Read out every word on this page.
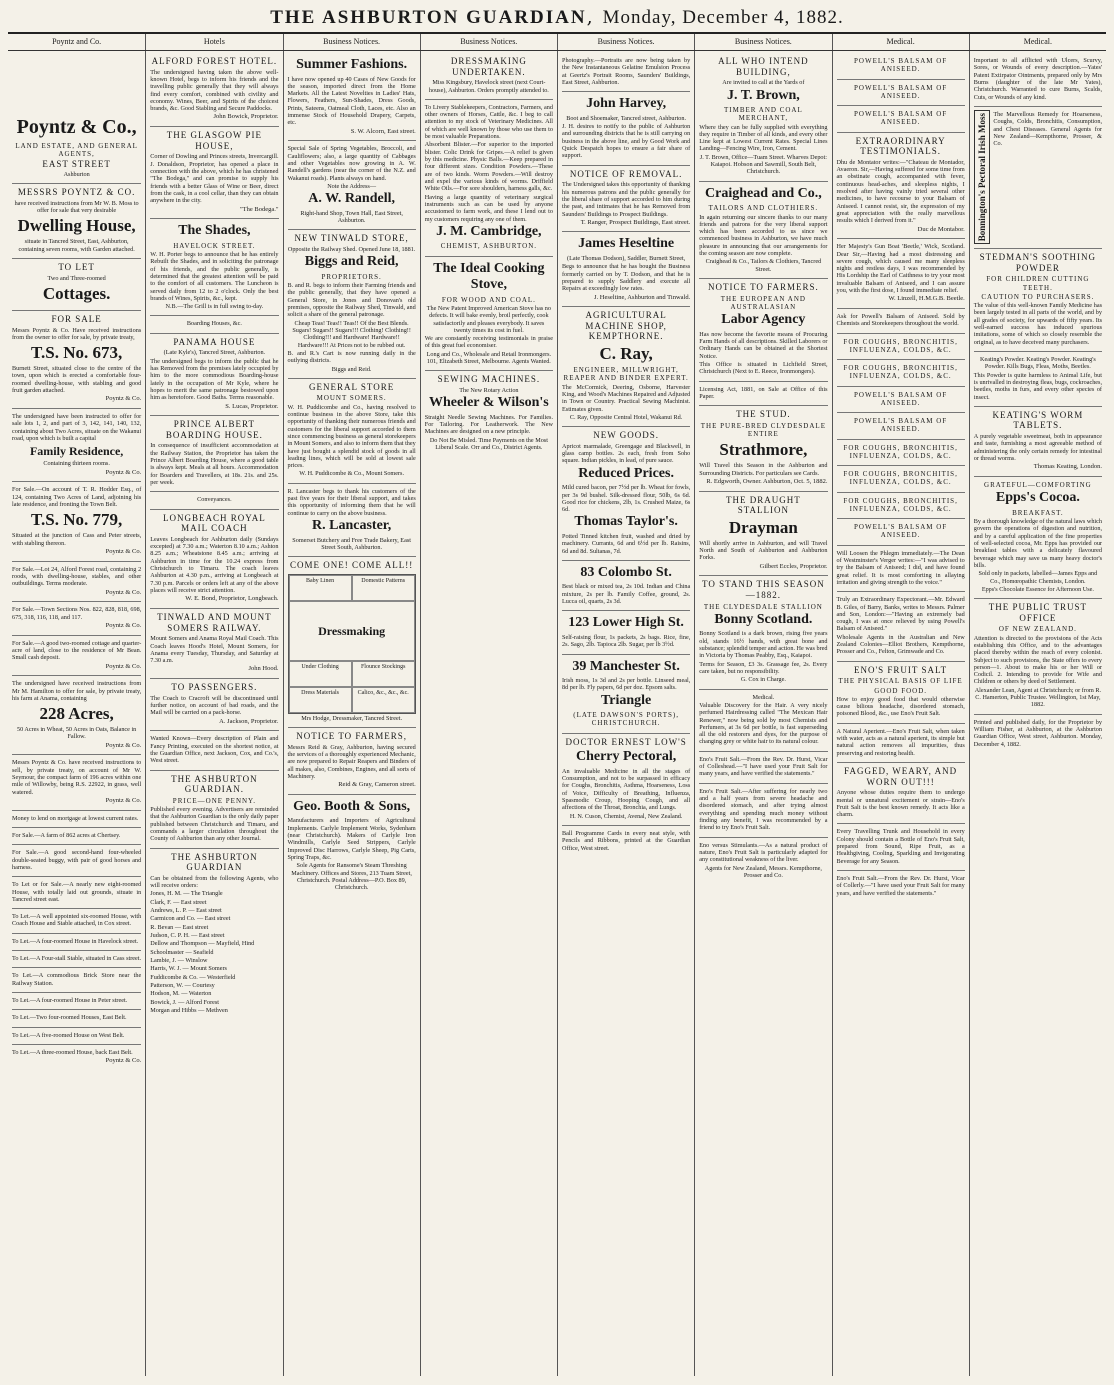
THE ASHBURTON GUARDIAN , Monday, December 4, 1882.
Poyntz and Co.	Hotels	Business Notices.	Business Notices.	Business Notices.	Business Notices.	Medical.	Medical.
Poyntz & Co.,

LAND ESTATE, AND GENERAL AGENTS,

EAST STREET

Ashburton

MESSRS POYNTZ & CO.

have received instructions from Mr W. B. Moss to offer for sale that very desirable

Dwelling House,

situate in Tancred Street, East, Ashburton, containing seven rooms, with Garden attached.

TO LET

Two and Three-roomed

Cottages.
FOR SALE

Messrs Poyntz & Co. Have received instructions from the owner to offer for sale, by private treaty,

T.S. No. 673,

Burnett Street, situated close to the centre of the town, upon which is erected a comfortable four-roomed dwelling-house, with stabling and good fruit garden attached.

Poyntz & Co.

The undersigned have been instructed to offer for sale lots 1, 2, and part of 3, 142, 141, 140, 132, containing about Two Acres, situate on the Wakanui road, upon which is built a capital

Family Residence,

Containing thirteen rooms.

Poyntz & Co.

For Sale.—On account of T. R. Hodder Esq., of 124, containing Two Acres of Land, adjoining his late residence, and fronting the Town Belt.

T.S. No. 779,

Situated at the junction of Cass and Peter streets, with stabling thereon.

Poyntz & Co.

For Sale.—Lot 24, Alford Forest road, containing 2 roods, with dwelling-house, stables, and other outbuildings. Terms moderate.

Poyntz & Co.

For Sale.—Town Sections Nos. 822, 828, 818, 698, 675, 318, 116, 118, and 117.

Poyntz & Co.

For Sale.—A good two-roomed cottage and quarter-acre of land, close to the residence of Mr Bean. Small cash deposit.

Poyntz & Co.

The undersigned have received instructions from Mr M. Hamilton to offer for sale, by private treaty, his farm at Anama, containing

228 Acres,

50 Acres in Wheat, 50 Acres in Oats, Balance in Fallow.

Poyntz & Co.

Messrs Poyntz & Co. have received instructions to sell, by private treaty, on account of Mr W. Seymour, the compact farm of 196 acres within one mile of Willowby, being R.S. 22922, in grass, well watered.

Poyntz & Co.

Money to lend on mortgage at lowest current rates.

For Sale.—A farm of 862 acres at Chertsey.

For Sale.—A good second-hand four-wheeled double-seated buggy, with pair of good horses and harness.

To Let or for Sale.—A nearly new eight-roomed House, with totally laid out grounds, situate in Tancred street east.

To Let.—A well appointed six-roomed House, with Coach House and Stable attached, in Cox street.

To Let.—A four-roomed House in Havelock street.

To Let.—A Four-stall Stable, situated in Cass street.

To Let.—A commodious Brick Store near the Railway Station.

To Let.—A four-roomed House in Peter street.

To Let.—Two four-roomed Houses, East Belt.

To Let.—A five-roomed House on West Belt.

To Let.—A three-roomed House, back East Belt.

Poyntz & Co.

ALFORD FOREST HOTEL.

The undersigned having taken the above well-known Hotel, begs to inform his friends and the travelling public generally that they will always find every comfort, combined with civility and economy. Wines, Beer, and Spirits of the choicest brands, &c. Good Stabling and Secure Paddocks.

John Bowick, Proprietor.

THE GLASGOW PIE HOUSE,

Corner of Dowling and Princes streets, Invercargill. J. Donaldson, Proprietor, has opened a place in connection with the above, which he has christened "The Bodega," and can promise to supply his friends with a better Glass of Wine or Beer, direct from the cask, in a cool cellar, than they can obtain anywhere in the city.

"The Bodega."

The Shades,

HAVELOCK STREET.

W. H. Porter begs to announce that he has entirely Rebuilt the Shades, and in soliciting the patronage of his friends, and the public generally, is determined that the greatest attention will be paid to the comfort of all customers. The Luncheon is served daily from 12 to 2 o'clock. Only the best brands of Wines, Spirits, &c., kept.

N.B.—The Grill is in full swing to-day.

Boarding Houses, &c.

PANAMA HOUSE

(Late Kyle's), Tancred Street, Ashburton.

The undersigned begs to inform the public that he has Removed from the premises lately occupied by him to the more commodious Boarding-house lately in the occupation of Mr Kyle, where he hopes to merit the same patronage bestowed upon him as heretofore. Good Baths. Terms reasonable.

S. Lucas, Proprietor.

PRINCE ALBERT BOARDING HOUSE.

In consequence of insufficient accommodation at the Railway Station, the Proprietor has taken the Prince Albert Boarding House, where a good table is always kept. Meals at all hours. Accommodation for Boarders and Travellers, at 18s. 21s. and 25s. per week.

Conveyances.

LONGBEACH ROYAL MAIL COACH

Leaves Longbeach for Ashburton daily (Sundays excepted) at 7.30 a.m.; Waterton 8.10 a.m.; Ashton 8.25 a.m.; Wheatstone 8.45 a.m.; arriving at Ashburton in time for the 10.24 express from Christchurch to Timaru. The coach leaves Ashburton at 4.30 p.m., arriving at Longbeach at 7.30 p.m. Parcels or orders left at any of the above places will receive strict attention.

W. E. Bond, Proprietor, Longbeach.

TINWALD AND MOUNT SOMERS RAILWAY.

Mount Somers and Anama Royal Mail Coach. This Coach leaves Hood's Hotel, Mount Somers, for Anama every Tuesday, Thursday, and Saturday at 7.30 a.m.

John Hood.

TO PASSENGERS.

The Coach to Cracroft will be discontinued until further notice, on account of bad roads, and the Mail will be carried on a pack-horse.

A. Jackson, Proprietor.

Wanted Known—Every description of Plain and Fancy Printing, executed on the shortest notice, at the Guardian Office, next Jackson, Cox, and Co.'s, West street.

THE ASHBURTON GUARDIAN.

PRICE—ONE PENNY.

Published every evening. Advertisers are reminded that the Ashburton Guardian is the only daily paper published between Christchurch and Timaru, and commands a larger circulation throughout the County of Ashburton than any other Journal.

THE ASHBURTON GUARDIAN

Can be obtained from the following Agents, who will receive orders:

Jones, H. M. — The Triangle

Clark, F. — East street

Andrews, L. P. — East street

Carmicon and Co. — East street

R. Bevan — East street

Judson, C. P. H. — East street

Dellow and Thompson — Mayfield, Hind

Schoolmaster — Seafield

Lambie, J. — Winslow

Harris, W. J. — Mount Somers

Fuddicombe & Co. — Westerfield

Patterson, W. — Courtesy

Hodson, M. — Waterton

Bowick, J. — Alford Forest

Morgan and Hibbs — Methven

Summer Fashions.

I have now opened up 40 Cases of New Goods for the season, imported direct from the Home Markets. All the Latest Novelties in Ladies' Hats, Flowers, Feathers, Sun-Shades, Dress Goods, Prints, Sateens, Oatmeal Cloth, Laces, etc. Also an immense Stock of Household Drapery, Carpets, etc.

S. W. Alcorn, East street.

Special Sale of Spring Vegetables, Broccoli, and Cauliflowers; also, a large quantity of Cabbages and other Vegetables now growing in A. W. Randell's gardens (near the corner of the N.Z. and Wakanui roads). Plants always on hand.

Note the Address—

A. W. Randell,

Right-hand Shop, Town Hall, East Street, Ashburton.

NEW TINWALD STORE,

Opposite the Railway Shed. Opened June 18, 1881.

Biggs and Reid,

PROPRIETORS.

B. and R. begs to inform their Farming friends and the public generally, that they have opened a General Store, in Jones and Donovan's old premises, opposite the Railway Shed, Tinwald, and solicit a share of the general patronage.

Cheap Teas! Teas!! Teas!! Of the Best Blends. Sugars! Sugars!! Sugars!!! Clothing! Clothing!! Clothing!!! and Hardware! Hardware!! Hardware!!! At Prices not to be rubbed out.

B. and R.'s Cart is now running daily in the outlying districts.

Biggs and Reid.

GENERAL STORE

MOUNT SOMERS.

W. H. Puddicombe and Co., having resolved to continue business in the above Store, take this opportunity of thanking their numerous friends and customers for the liberal support accorded to them since commencing business as general storekeepers in Mount Somers, and also to inform them that they have just bought a splendid stock of goods in all leading lines, which will be sold at lowest sale prices.

W. H. Puddicombe & Co., Mount Somers.

R. Lancaster begs to thank his customers of the past five years for their liberal support, and takes this opportunity of informing them that he will continue to carry on the above business.

R. Lancaster,

Somerset Butchery and Free Trade Bakery, East Street South, Ashburton.

COME ONE! COME ALL!!
Baby Linen	Domestic Patterns
Dressmaking
Under Clothing	Flounce Stockings
Dress Materials	Calico, &c., &c., &c.

Mrs Hodge, Dressmaker, Tancred Street.

NOTICE TO FARMERS,

Messrs Reid & Gray, Ashburton, having secured the services of a thoroughly experienced Mechanic, are now prepared to Repair Reapers and Binders of all makes, also, Combines, Engines, and all sorts of Machinery.

Reid & Gray, Cameron street.

Geo. Booth & Sons,

Manufacturers and Importers of Agricultural Implements. Carlyle Implement Works, Sydenham (near Christchurch). Makers of Carlyle Iron Windmills, Carlyle Seed Strippers, Carlyle Improved Disc Harrows, Carlyle Sheep, Pig Carts, Spring Traps, &c.

Sole Agents for Ransome's Steam Threshing Machinery. Offices and Stores, 213 Tuam Street, Christchurch. Postal Address—P.O. Box 89, Christchurch.

DRESSMAKING UNDERTAKEN.

Miss Kingsbury, Havelock street (next Court-house), Ashburton. Orders promptly attended to.

To Livery Stablekeepers, Contractors, Farmers, and other owners of Horses, Cattle, &c. I beg to call attention to my stock of Veterinary Medicines. All of which are well known by those who use them to be most valuable Preparations.

Absorbent Blister.—For superior to the imported blister. Colic Drink for Gripes.—A relief is given by this medicine. Physic Balls.—Keep prepared in four different sizes. Condition Powders.—These are of two kinds. Worm Powders.—Will destroy and expel the various kinds of worms. Driffield White Oils.—For sore shoulders, harness galls, &c.

Having a large quantity of veterinary surgical instruments such as can be used by anyone accustomed to farm work, and these I lend out to my customers requiring any one of them.

J. M. Cambridge,

CHEMIST, ASHBURTON.

The Ideal Cooking Stove,

FOR WOOD AND COAL.

The New Patent Improved American Stove has no defects. It will bake evenly, broil perfectly, cook satisfactorily and pleases everybody. It saves twenty times its cost in fuel.

We are constantly receiving testimonials in praise of this great fuel economiser.

Long and Co., Wholesale and Retail Ironmongers. 101, Elizabeth Street, Melbourne. Agents Wanted.

SEWING MACHINES.

The New Rotary Action

Wheeler & Wilson's

Straight Needle Sewing Machines. For Families. For Tailoring. For Leatherwork. The New Machines are designed on a new principle.

Do Not Be Misled. Time Payments on the Most Liberal Scale. Orr and Co., District Agents.

Photography.—Portraits are now being taken by the New Instantaneous Gelatine Emulsion Process at Geertz's Portrait Rooms, Saunders' Buildings, East Street, Ashburton.

John Harvey,

Boot and Shoemaker, Tancred street, Ashburton.

J. H. desires to notify to the public of Ashburton and surrounding districts that he is still carrying on business in the above line, and by Good Work and Quick Despatch hopes to ensure a fair share of support.

NOTICE OF REMOVAL.

The Undersigned takes this opportunity of thanking his numerous patrons and the public generally for the liberal share of support accorded to him during the past, and intimates that he has Removed from Saunders' Buildings to Prospect Buildings.

T. Ranger, Prospect Buildings, East street.

James Heseltine

(Late Thomas Dodson), Saddler, Burnett Street,

Begs to announce that he has bought the Business formerly carried on by T. Dodson, and that he is prepared to supply Saddlery and execute all Repairs at exceedingly low rates.

J. Heseltine, Ashburton and Tinwald.

AGRICULTURAL MACHINE SHOP, KEMPTHORNE.
C. Ray,

ENGINEER, MILLWRIGHT, REAPER AND BINDER EXPERT.

The McCormick, Deering, Osborne, Harvester King, and Wood's Machines Repaired and Adjusted in Town or Country. Practical Sewing Machinist. Estimates given.

C. Ray, Opposite Central Hotel, Wakanui Rd.

NEW GOODS.

Apricot marmalade, Greengage and Blackwell, in glass camp bottles. 2s each, fresh from Soho square. Indian pickles, in lead, of pure sauce.

Reduced Prices.

Mild cured bacon, per 7½d per lb. Wheat for fowls, per 3s 9d bushel. Silk-dressed flour, 50lb, 6s 6d. Good rice for chickens, 2lb, 1s. Crushed Maize, 6s 6d.

Thomas Taylor's.

Potted Tinned kitchen fruit, washed and dried by machinery. Currants, 6d and 6½d per lb. Raisins, 6d and 8d. Sultanas, 7d.

83 Colombo St.

Best black or mixed tea, 2s 10d. Indian and China mixture, 2s per lb. Family Coffee, ground, 2s. Lucca oil, quarts, 2s 3d.

123 Lower High St.

Self-raising flour, 1s packets, 2s bags. Rice, fine, 2s. Sago, 2lb. Tapioca 2lb. Sugar, per lb 3½d.

39 Manchester St.

Irish moss, 1s 3d and 2s per bottle. Linseed meal, 8d per lb. Fly papers, 6d per doz. Epsom salts.

Triangle

(LATE DAWSON'S PORTS), CHRISTCHURCH.

DOCTOR ERNEST LOW'S
Cherry Pectoral,

An invaluable Medicine in all the stages of Consumption, and not to be surpassed in efficacy for Coughs, Bronchitis, Asthma, Hoarseness, Loss of Voice, Difficulty of Breathing, Influenza, Spasmodic Croup, Hooping Cough, and all affections of the Throat, Bronchia, and Lungs.

H. N. Cuson, Chemist, Avenal, New Zealand.

Ball Programme Cards in every neat style, with Pencils and Ribbons, printed at the Guardian Office, West street.

ALL WHO INTEND BUILDING,

Are invited to call at the Yards of

J. T. Brown,

TIMBER AND COAL MERCHANT,

Where they can be fully supplied with everything they require in Timber of all kinds, and every other Line kept at Lowest Current Rates. Special Lines Landing—Fencing Wire, Iron, Cement.

J. T. Brown, Office—Tuam Street. Wharves Depot: Kaiapoi. Hobson and Sawmill, South Belt, Christchurch.

Craighead and Co.,

TAILORS AND CLOTHIERS.

In again returning our sincere thanks to our many friends and patrons for the very liberal support which has been accorded to us since we commenced business in Ashburton, we have much pleasure in announcing that our arrangements for the coming season are now complete.

Craighead & Co., Tailors & Clothiers, Tancred Street.

NOTICE TO FARMERS.

THE EUROPEAN AND AUSTRALASIAN

Labor Agency

Has now become the favorite means of Procuring Farm Hands of all descriptions. Skilled Laborers or Ordinary Hands can be obtained at the Shortest Notice.

This Office is situated in Lichfield Street, Christchurch (Next to E. Reece, Ironmongers).

Licensing Act, 1881, on Sale at Office of this Paper.

THE STUD.

THE PURE-BRED CLYDESDALE ENTIRE

Strathmore,

Will Travel this Season in the Ashburton and Surrounding Districts. For particulars see Cards.

R. Edgworth, Owner. Ashburton, Oct. 5, 1882.

THE DRAUGHT STALLION
Drayman

Will shortly arrive in Ashburton, and will Travel North and South of Ashburton and Ashburton Forks.

Gilbert Eccles, Proprietor.

TO STAND THIS SEASON—1882.

THE CLYDESDALE STALLION

Bonny Scotland.

Bonny Scotland is a dark brown, rising five years old, stands 16½ hands, with great bone and substance; splendid temper and action. He was bred in Victoria by Thomas Peabby, Esq., Kaiapoi.

Terms for Season, £3 3s. Grassage fee, 2s. Every care taken, but no responsibility.

G. Cox in Charge.

Medical.

Valuable Discovery for the Hair. A very nicely perfumed Hairdressing called "The Mexican Hair Renewer," now being sold by most Chemists and Perfumers, at 3s 6d per bottle, is fast superseding all the old restorers and dyes, for the purpose of changing grey or white hair to its natural colour.

Eno's Fruit Salt.—From the Rev. Dr. Hurst, Vicar of Colleshead.—"I have used your Fruit Salt for many years, and have verified the statements."

Eno's Fruit Salt.—After suffering for nearly two and a half years from severe headache and disordered stomach, and after trying almost everything and spending much money without finding any benefit, I was recommended by a friend to try Eno's Fruit Salt.

Eno versus Stimulants.—As a natural product of nature, Eno's Fruit Salt is particularly adapted for any constitutional weakness of the liver.

Agents for New Zealand, Messrs. Kempthorne, Prosser and Co.

POWELL'S BALSAM OF ANISEED.

POWELL'S BALSAM OF ANISEED.

POWELL'S BALSAM OF ANISEED.

EXTRAORDINARY TESTIMONIALS.

Dhu de Montator writes:—"Chateau de Montador, Avaeron. Sir,—Having suffered for some time from an obstinate cough, accompanied with fever, continuous head-aches, and sleepless nights, I resolved after having vainly tried several other medicines, to have recourse to your Balsam of Aniseed. I cannot resist, sir, the expression of my great appreciation with the really marvellous results which I derived from it."

Duc de Montabor.

Her Majesty's Gun Boat 'Beetle,' Wick, Scotland. Dear Sir,—Having had a most distressing and severe cough, which caused me many sleepless nights and restless days, I was recommended by His Lordship the Earl of Caithness to try your most invaluable Balsam of Aniseed, and I can assure you, with the first dose, I found immediate relief.

W. Linzell, H.M.G.B. Beetle.

Ask for Powell's Balsam of Aniseed. Sold by Chemists and Storekeepers throughout the world.

FOR COUGHS, BRONCHITIS, INFLUENZA, COLDS, &C.

FOR COUGHS, BRONCHITIS, INFLUENZA, COLDS, &C.

POWELL'S BALSAM OF ANISEED.

POWELL'S BALSAM OF ANISEED.

FOR COUGHS, BRONCHITIS, INFLUENZA, COLDS, &C.

FOR COUGHS, BRONCHITIS, INFLUENZA, COLDS, &C.

FOR COUGHS, BRONCHITIS, INFLUENZA, COLDS, &C.

POWELL'S BALSAM OF ANISEED.

Will Loosen the Phlegm immediately.—The Dean of Westminster's Verger writes:—"I was advised to try the Balsam of Aniseed; I did, and have found great relief. It is most comforting in allaying irritation and giving strength to the voice."

Truly an Extraordinary Expectorant.—Mr. Edward B. Giles, of Barry, Banks, writes to Messrs. Palmer and Son, London:—"Having an extremely bad cough, I was at once relieved by using Powell's Balsam of Aniseed."

Wholesale Agents in the Australian and New Zealand Colonies—Elliot Brothers, Kempthorne, Prosser and Co., Felton, Grimwade and Co.

ENO'S FRUIT SALT

THE PHYSICAL BASIS OF LIFE

GOOD FOOD.

How to enjoy good food that would otherwise cause bilious headache, disordered stomach, poisoned Blood, &c., use Eno's Fruit Salt.

A Natural Aperient.—Eno's Fruit Salt, when taken with water, acts as a natural aperient, its simple but natural action removes all impurities, thus preserving and restoring health.

FAGGED, WEARY, AND WORN OUT!!!

Anyone whose duties require them to undergo mental or unnatural excitement or strain—Eno's Fruit Salt is the best known remedy. It acts like a charm.

Every Travelling Trunk and Household in every Colony should contain a Bottle of Eno's Fruit Salt, prepared from Sound, Ripe Fruit, as a Healthgiving, Cooling, Sparkling and Invigorating Beverage for any Season.

Eno's Fruit Salt.—From the Rev. Dr. Hurst, Vicar of Collerly.—"I have used your Fruit Salt for many years, and have verified the statements."

Important to all afflicted with Ulcers, Scurvy, Sores, or Wounds of every description.—Yates' Patent Extirpator Ointments, prepared only by Mrs Burns (daughter of the late Mr Yates), Christchurch. Warranted to cure Burns, Scalds, Cuts, or Wounds of any kind.

Bonnington's Pectoral Irish Moss The Marvellous Remedy for Hoarseness, Coughs, Colds, Bronchitis, Consumption, and Chest Diseases. General Agents for New Zealand—Kempthorne, Prosser, & Co.

STEDMAN'S SOOTHING POWDER

FOR CHILDREN CUTTING TEETH.

CAUTION TO PURCHASERS.

The value of this well-known Family Medicine has been largely tested in all parts of the world, and by all grades of society, for upwards of fifty years. Its well-earned success has induced spurious imitations, some of which so closely resemble the original, as to have deceived many purchasers.

Keating's Powder. Keating's Powder. Keating's Powder. Kills Bugs, Fleas, Moths, Beetles.

This Powder is quite harmless to Animal Life, but is unrivalled in destroying fleas, bugs, cockroaches, beetles, moths in furs, and every other species of insect.

KEATING'S WORM TABLETS.

A purely vegetable sweetmeat, both in appearance and taste, furnishing a most agreeable method of administering the only certain remedy for intestinal or thread worms.

Thomas Keating, London.

GRATEFUL—COMFORTING

Epps's Cocoa.

BREAKFAST.

By a thorough knowledge of the natural laws which govern the operations of digestion and nutrition, and by a careful application of the fine properties of well-selected cocoa, Mr. Epps has provided our breakfast tables with a delicately flavoured beverage which may save us many heavy doctor's bills.

Sold only in packets, labelled—James Epps and Co., Homœopathic Chemists, London.

Epps's Chocolate Essence for Afternoon Use.

THE PUBLIC TRUST OFFICE

OF NEW ZEALAND.

Attention is directed to the provisions of the Acts establishing this Office, and to the advantages placed thereby within the reach of every colonist. Subject to such provisions, the State offers to every person—1. About to make his or her Will or Codicil. 2. Intending to provide for Wife and Children or others by deed of Settlement.

Alexander Lean, Agent at Christchurch; or from R. C. Hamerton, Public Trustee. Wellington, 1st May, 1882.

Printed and published daily, for the Proprietor by William Fisher, at Ashburton, at the Ashburton Guardian Office, West street, Ashburton. Monday, December 4, 1882.
